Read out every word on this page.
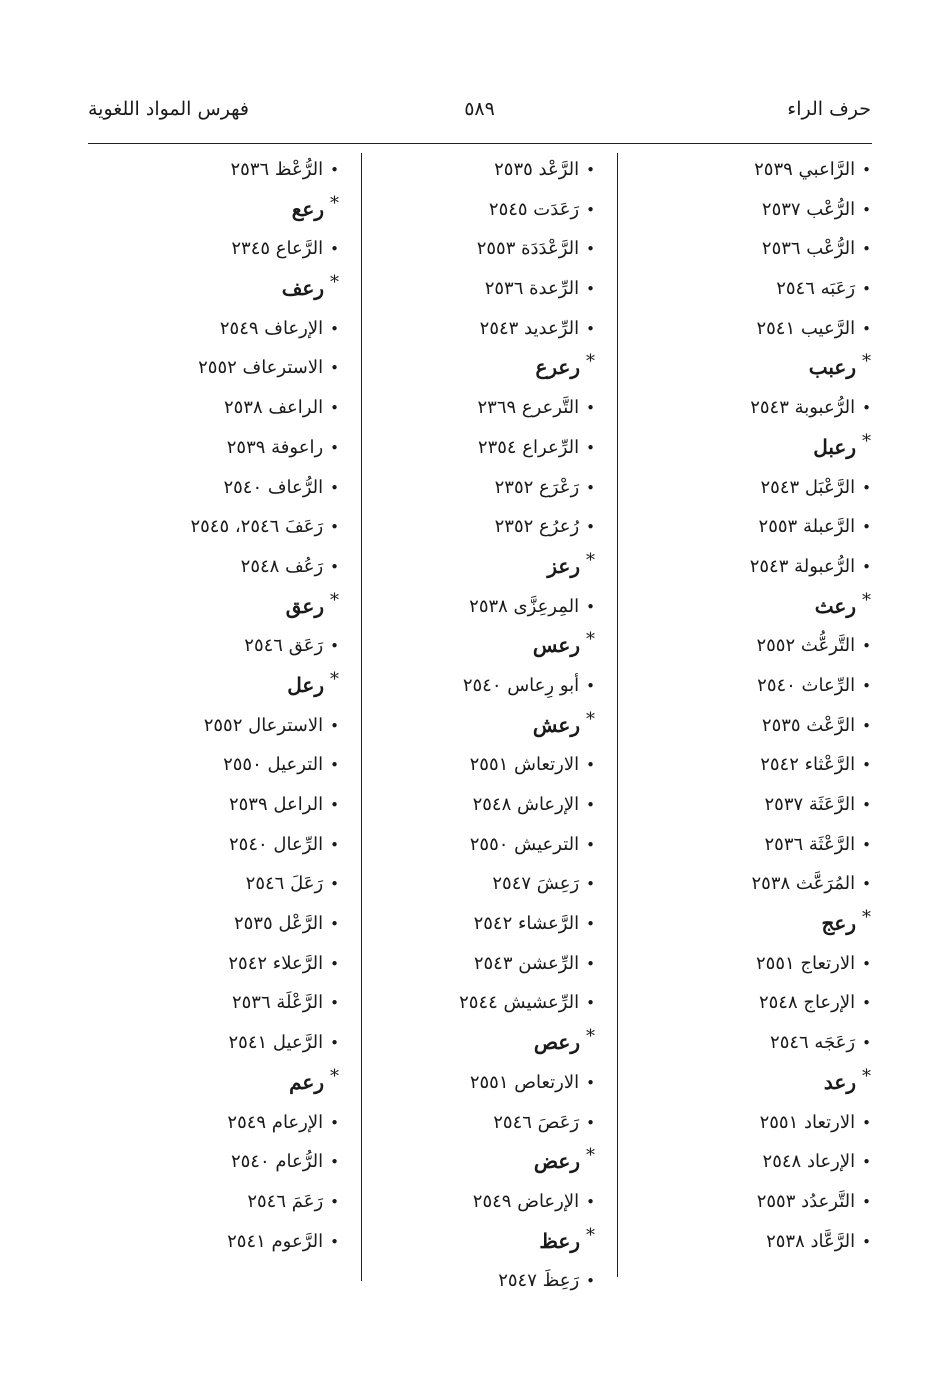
حرف الراء
٥٨٩
فهرس المواد اللغوية
• الرَّاعبي ٢٥٣٩
• الرُّعْب ٢٥٣٧
• الرُّعْب ٢٥٣٦
• رَعَبَه ٢٥٤٦
• الرَّعيب ٢٥٤١
* رعبب
• الرُّعبوبة ٢٥٤٣
* رعبل
• الرَّعْبَل ٢٥٤٣
• الرَّعبلة ٢٥٥٣
• الرُّعبولة ٢٥٤٣
* رعث
• التَّرعُّث ٢٥٥٢
• الرِّعاث ٢٥٤٠
• الرَّعْث ٢٥٣٥
• الرَّعْثاء ٢٥٤٢
• الرَّعَثَة ٢٥٣٧
• الرَّعْثَة ٢٥٣٦
• المُرَعَّث ٢٥٣٨
* رعج
• الارتعاج ٢٥٥١
• الإرعاج ٢٥٤٨
• رَعَجَه ٢٥٤٦
* رعد
• الارتعاد ٢٥٥١
• الإرعاد ٢٥٤٨
• التَّرعدُد ٢٥٥٣
• الرَّعَّاد ٢٥٣٨
• الرَّعْد ٢٥٣٥
• رَعَدَت ٢٥٤٥
• الرَّعْدَدَة ٢٥٥٣
• الرِّعدة ٢٥٣٦
• الرِّعديد ٢٥٤٣
* رعرع
• التَّرعرع ٢٣٦٩
• الرِّعراع ٢٣٥٤
• رَعْرَع ٢٣٥٢
• رُعرُع ٢٣٥٢
* رعز
• المِرعِزَّى ٢٥٣٨
* رعس
• أبو رِعاس ٢٥٤٠
* رعش
• الارتعاش ٢٥٥١
• الإرعاش ٢٥٤٨
• الترعيش ٢٥٥٠
• رَعِشَ ٢٥٤٧
• الرَّعشاء ٢٥٤٢
• الرِّعشن ٢٥٤٣
• الرِّعشيش ٢٥٤٤
* رعص
• الارتعاص ٢٥٥١
• رَعَصَ ٢٥٤٦
* رعض
• الإرعاض ٢٥٤٩
* رعظ
• رَعِظَ ٢٥٤٧
• الرُّعْظ ٢٥٣٦
* رعع
• الرَّعاع ٢٣٤٥
* رعف
• الإرعاف ٢٥٤٩
• الاسترعاف ٢٥٥٢
• الراعف ٢٥٣٨
• راعوفة ٢٥٣٩
• الرُّعاف ٢٥٤٠
• رَعَفَ ٢٥٤٦، ٢٥٤٥
• رَعُف ٢٥٤٨
* رعق
• رَعَق ٢٥٤٦
* رعل
• الاسترعال ٢٥٥٢
• الترعيل ٢٥٥٠
• الراعل ٢٥٣٩
• الرِّعال ٢٥٤٠
• رَعَلَ ٢٥٤٦
• الرَّعْل ٢٥٣٥
• الرَّعلاء ٢٥٤٢
• الرَّعْلَة ٢٥٣٦
• الرَّعيل ٢٥٤١
* رعم
• الإرعام ٢٥٤٩
• الرُّعام ٢٥٤٠
• رَعَمَ ٢٥٤٦
• الرَّعوم ٢٥٤١
